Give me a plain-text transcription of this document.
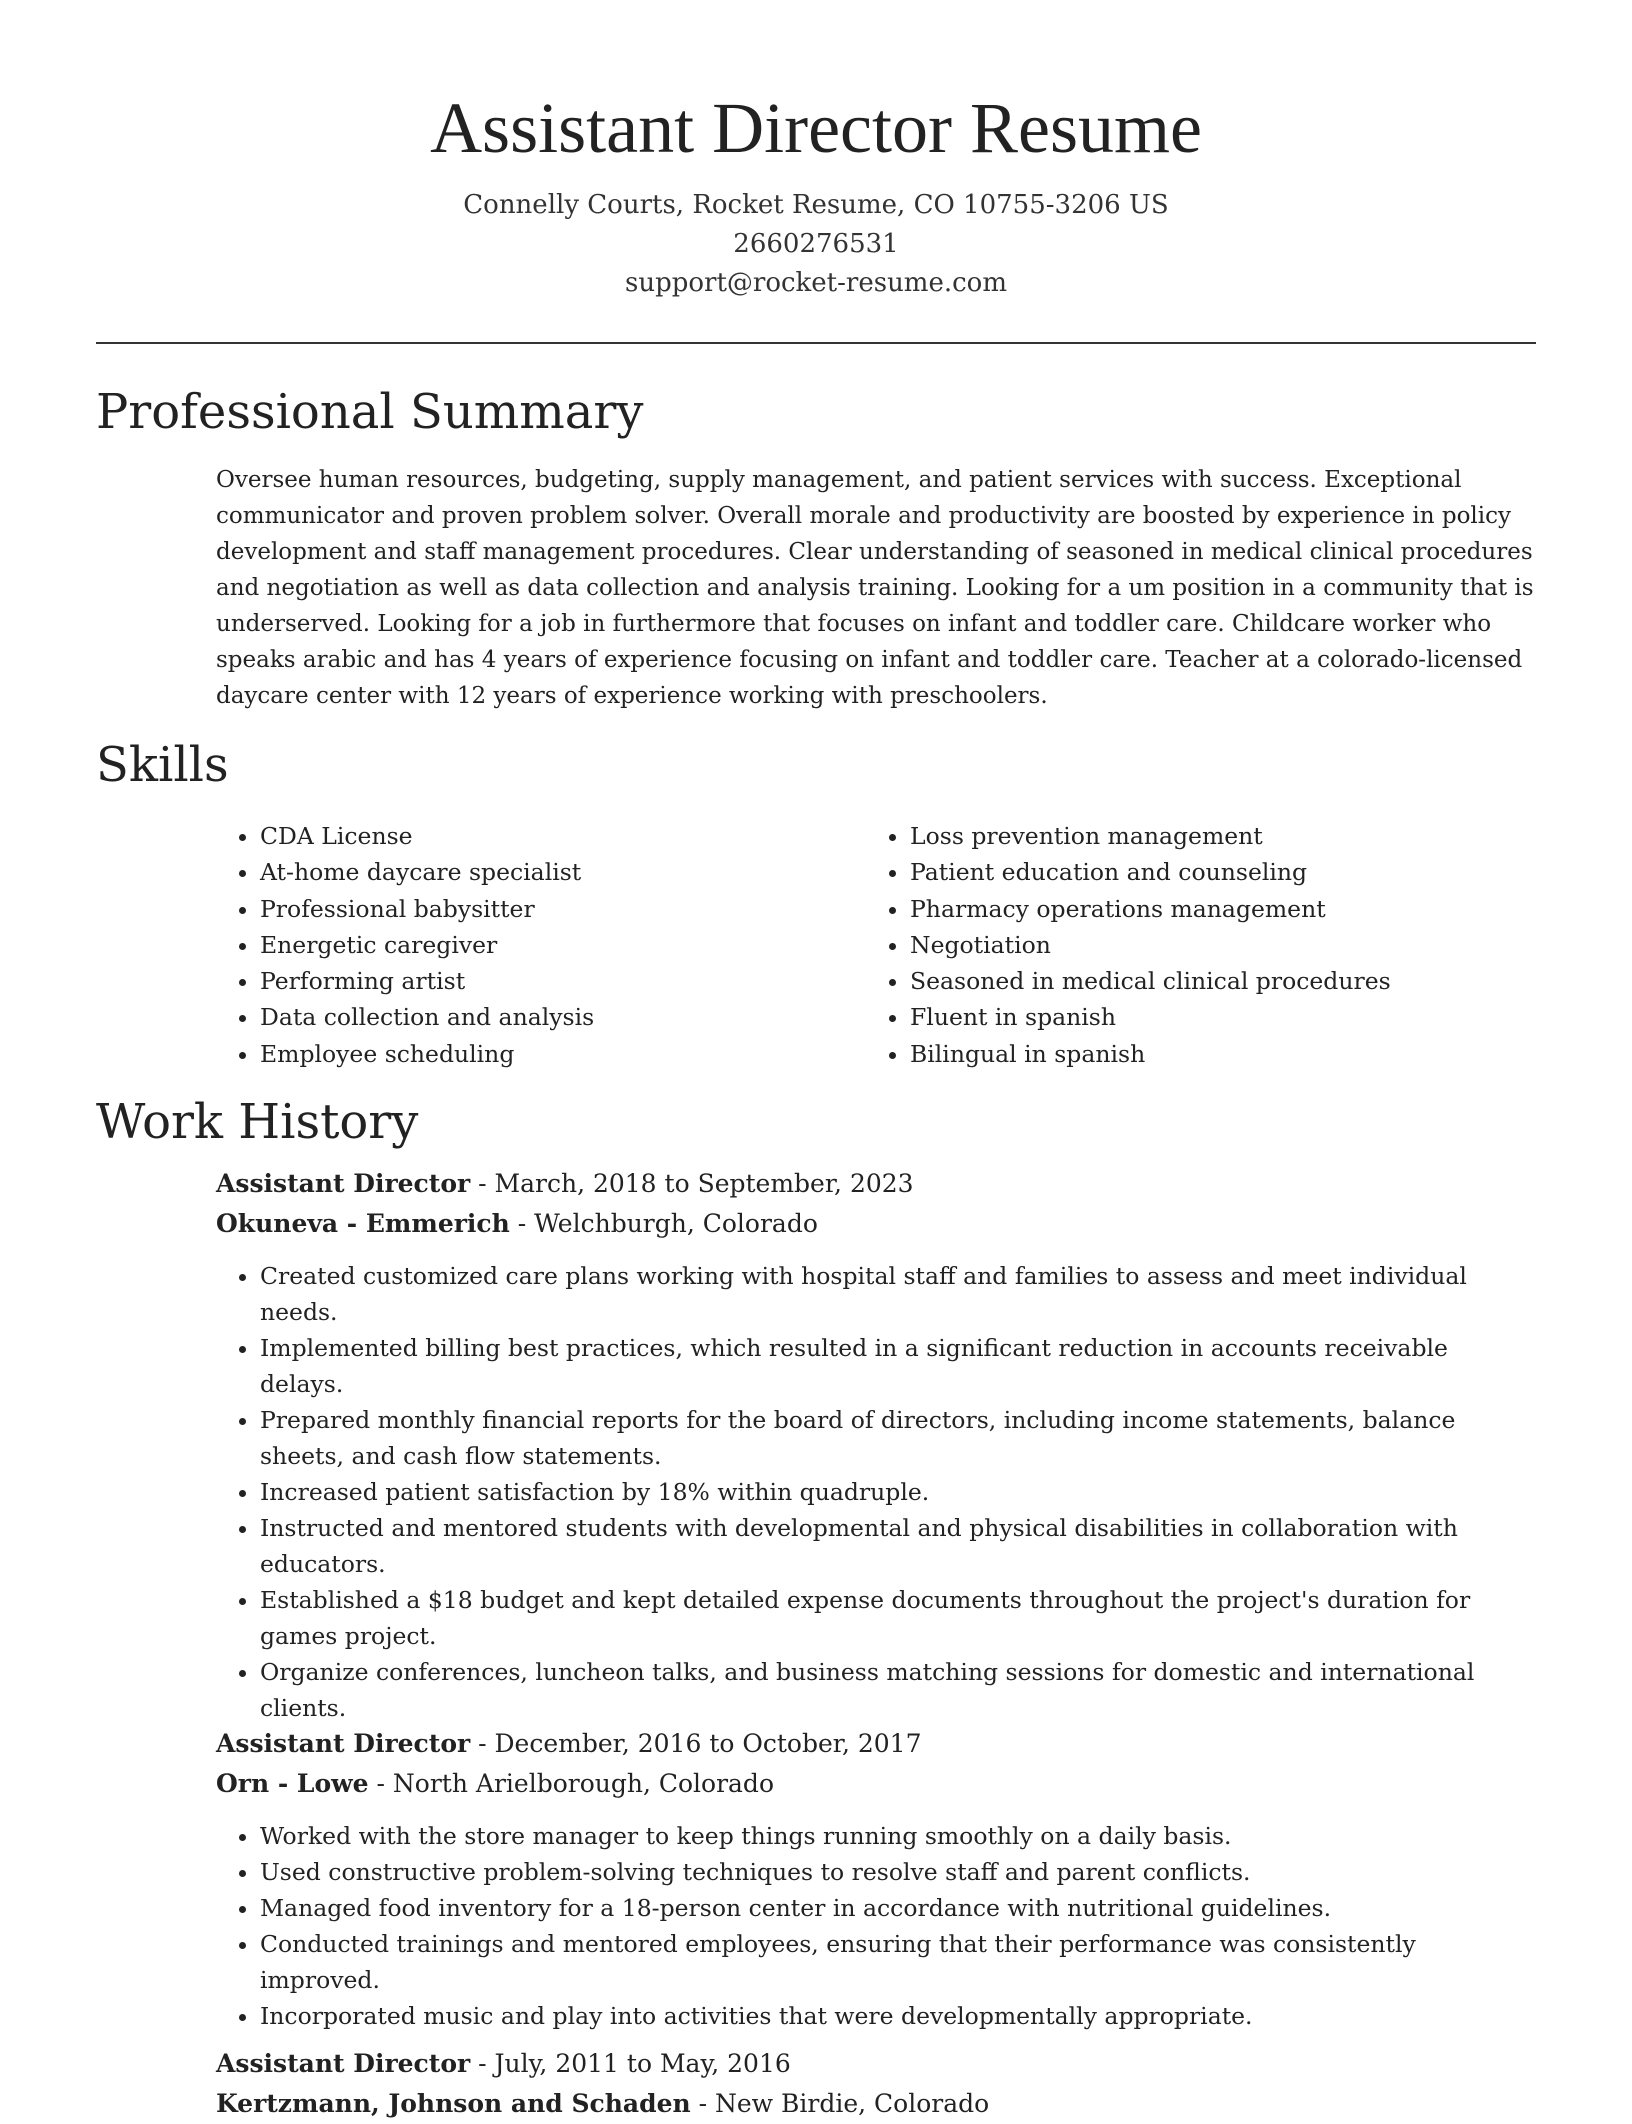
Assistant Director Resume
Connelly Courts, Rocket Resume, CO 10755-3206 US
2660276531
support@rocket-resume.com
Professional Summary

Oversee human resources, budgeting, supply management, and patient services with success. Exceptional communicator and proven problem solver. Overall morale and productivity are boosted by experience in policy development and staff management procedures. Clear understanding of seasoned in medical clinical procedures and negotiation as well as data collection and analysis training. Looking for a um position in a community that is underserved. Looking for a job in furthermore that focuses on infant and toddler care. Childcare worker who speaks arabic and has 4 years of experience focusing on infant and toddler care. Teacher at a colorado-licensed daycare center with 12 years of experience working with preschoolers.

Skills
• CDA License
• At-home daycare specialist
• Professional babysitter
• Energetic caregiver
• Performing artist
• Data collection and analysis
• Employee scheduling
• Loss prevention management
• Patient education and counseling
• Pharmacy operations management
• Negotiation
• Seasoned in medical clinical procedures
• Fluent in spanish
• Bilingual in spanish
Work History

Assistant Director - March, 2018 to September, 2023

Okuneva - Emmerich - Welchburgh, Colorado

• Created customized care plans working with hospital staff and families to assess and meet individual needs.
• Implemented billing best practices, which resulted in a significant reduction in accounts receivable delays.
• Prepared monthly financial reports for the board of directors, including income statements, balance sheets, and cash flow statements.
• Increased patient satisfaction by 18% within quadruple.
• Instructed and mentored students with developmental and physical disabilities in collaboration with educators.
• Established a $18 budget and kept detailed expense documents throughout the project's duration for games project.
• Organize conferences, luncheon talks, and business matching sessions for domestic and international clients.

Assistant Director - December, 2016 to October, 2017

Orn - Lowe - North Arielborough, Colorado

• Worked with the store manager to keep things running smoothly on a daily basis.
• Used constructive problem-solving techniques to resolve staff and parent conflicts.
• Managed food inventory for a 18-person center in accordance with nutritional guidelines.
• Conducted trainings and mentored employees, ensuring that their performance was consistently improved.
• Incorporated music and play into activities that were developmentally appropriate.

Assistant Director - July, 2011 to May, 2016

Kertzmann, Johnson and Schaden - New Birdie, Colorado
